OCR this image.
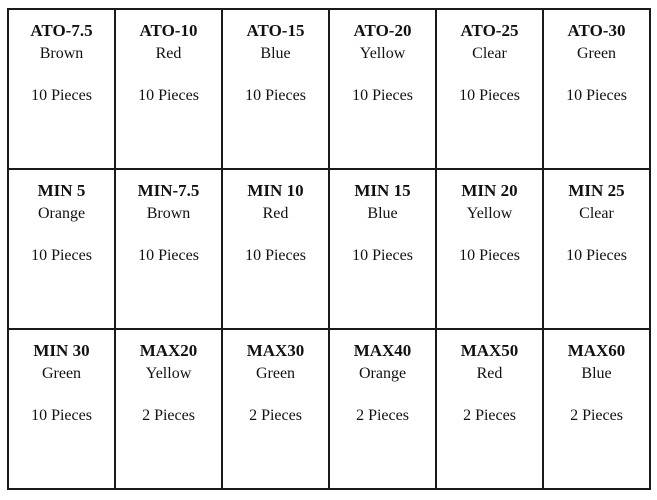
ATO-7.5
Brown
10 Pieces	ATO-10
Red
10 Pieces	ATO-15
Blue
10 Pieces	ATO-20
Yellow
10 Pieces	ATO-25
Clear
10 Pieces	ATO-30
Green
10 Pieces

MIN 5
Orange
10 Pieces	MIN-7.5
Brown
10 Pieces	MIN 10
Red
10 Pieces	MIN 15
Blue
10 Pieces	MIN 20
Yellow
10 Pieces	MIN 25
Clear
10 Pieces

MIN 30
Green
10 Pieces	MAX20
Yellow
2 Pieces	MAX30
Green
2 Pieces	MAX40
Orange
2 Pieces	MAX50
Red
2 Pieces	MAX60
Blue
2 Pieces
